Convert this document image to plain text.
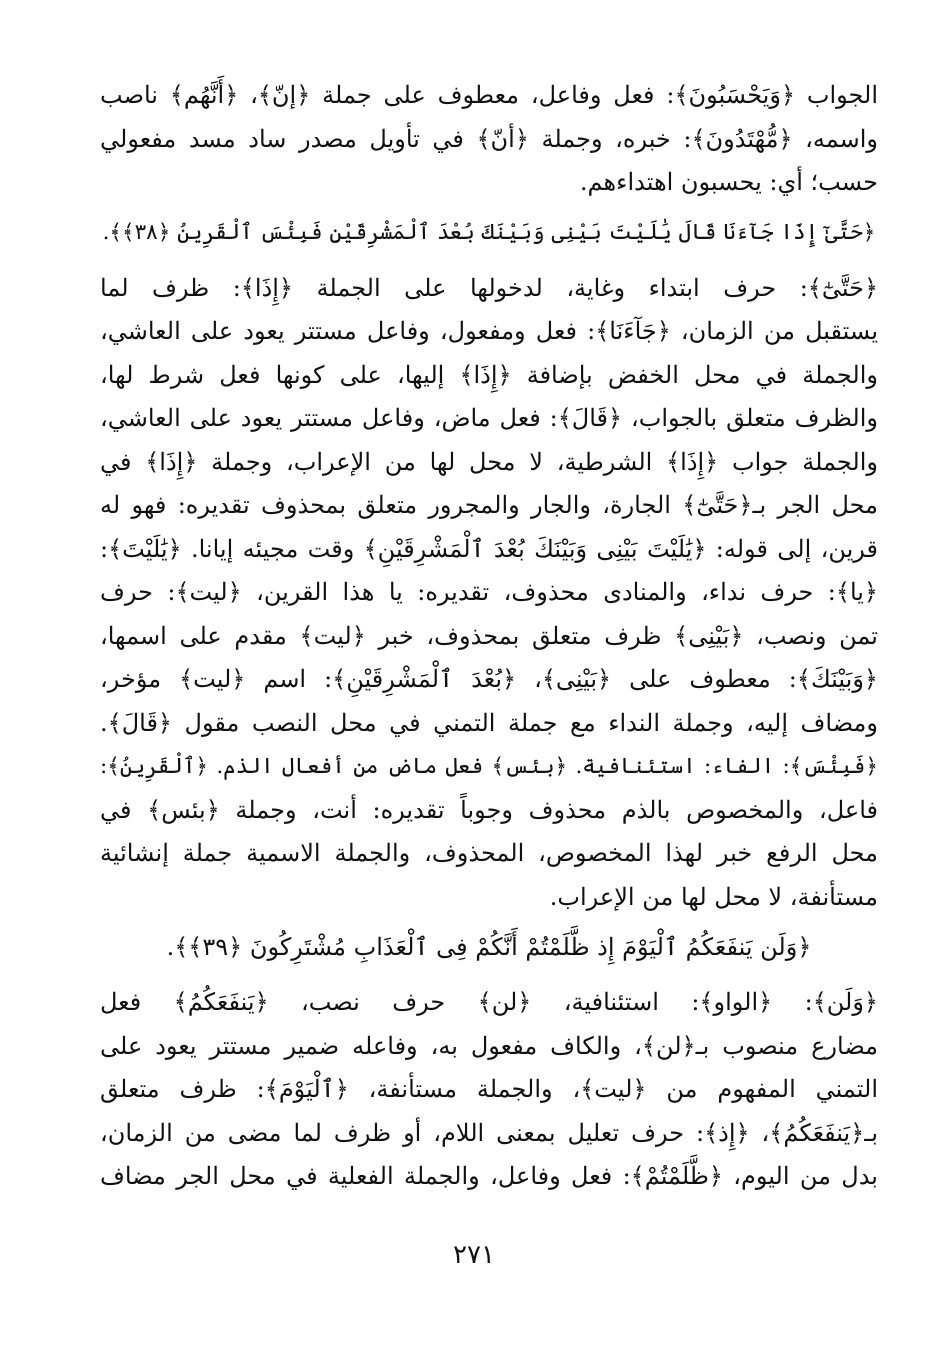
الجواب ﴿وَيَحْسَبُونَ﴾: فعل وفاعل، معطوف على جملة ﴿إنّ﴾، ﴿أَنَّهُم﴾ ناصب
واسمه، ﴿مُّهْتَدُونَ﴾: خبره، وجملة ﴿أنّ﴾ في تأويل مصدر ساد مسد مفعولي
حسب؛ أي: يحسبون اهتداءهم.

﴿حَتَّىٰٓ إِذَا جَآءَنَا قَالَ يَٰلَيْتَ بَيْنِى وَبَيْنَكَ بُعْدَ ٱلْمَشْرِقَيْنِ فَبِئْسَ ٱلْقَرِينُ ﴿٣٨﴾﴾.

﴿حَتَّىٰٓ﴾: حرف ابتداء وغاية، لدخولها على الجملة ﴿إِذَا﴾: ظرف لما
يستقبل من الزمان، ﴿جَآءَنَا﴾: فعل ومفعول، وفاعل مستتر يعود على العاشي،
والجملة في محل الخفض بإضافة ﴿إِذَا﴾ إليها، على كونها فعل شرط لها،
والظرف متعلق بالجواب، ﴿قَالَ﴾: فعل ماض، وفاعل مستتر يعود على العاشي،
والجملة جواب ﴿إِذَا﴾ الشرطية، لا محل لها من الإعراب، وجملة ﴿إِذَا﴾ في
محل الجر بـ﴿حَتَّىٰٓ﴾ الجارة، والجار والمجرور متعلق بمحذوف تقديره: فهو له
قرين، إلى قوله: ﴿يَٰلَيْتَ بَيْنِى وَبَيْنَكَ بُعْدَ ٱلْمَشْرِقَيْنِ﴾ وقت مجيئه إيانا. ﴿يَٰلَيْتَ﴾:
﴿يا﴾: حرف نداء، والمنادى محذوف، تقديره: يا هذا القرين، ﴿ليت﴾: حرف
تمن ونصب، ﴿بَيْنِى﴾ ظرف متعلق بمحذوف، خبر ﴿ليت﴾ مقدم على اسمها،
﴿وَبَيْنَكَ﴾: معطوف على ﴿بَيْنِى﴾، ﴿بُعْدَ ٱلْمَشْرِقَيْنِ﴾: اسم ﴿ليت﴾ مؤخر،
ومضاف إليه، وجملة النداء مع جملة التمني في محل النصب مقول ﴿قَالَ﴾.
﴿فَبِئْسَ﴾: الفاء: استئنافية. ﴿بئس﴾ فعل ماض من أفعال الذم. ﴿ٱلْقَرِينُ﴾:
فاعل، والمخصوص بالذم محذوف وجوباً تقديره: أنت، وجملة ﴿بئس﴾ في
محل الرفع خبر لهذا المخصوص، المحذوف، والجملة الاسمية جملة إنشائية
مستأنفة، لا محل لها من الإعراب.

﴿وَلَن يَنفَعَكُمُ ٱلْيَوْمَ إِذ ظَّلَمْتُمْ أَنَّكُمْ فِى ٱلْعَذَابِ مُشْتَرِكُونَ ﴿٣٩﴾﴾.

﴿وَلَن﴾: ﴿الواو﴾: استئنافية، ﴿لن﴾ حرف نصب، ﴿يَنفَعَكُمُ﴾ فعل
مضارع منصوب بـ﴿لن﴾، والكاف مفعول به، وفاعله ضمير مستتر يعود على
التمني المفهوم من ﴿ليت﴾، والجملة مستأنفة، ﴿ٱلْيَوْمَ﴾: ظرف متعلق
بـ﴿يَنفَعَكُمُ﴾، ﴿إِذ﴾: حرف تعليل بمعنى اللام، أو ظرف لما مضى من الزمان،
بدل من اليوم، ﴿ظَّلَمْتُمْ﴾: فعل وفاعل، والجملة الفعلية في محل الجر مضاف

٢٧١
